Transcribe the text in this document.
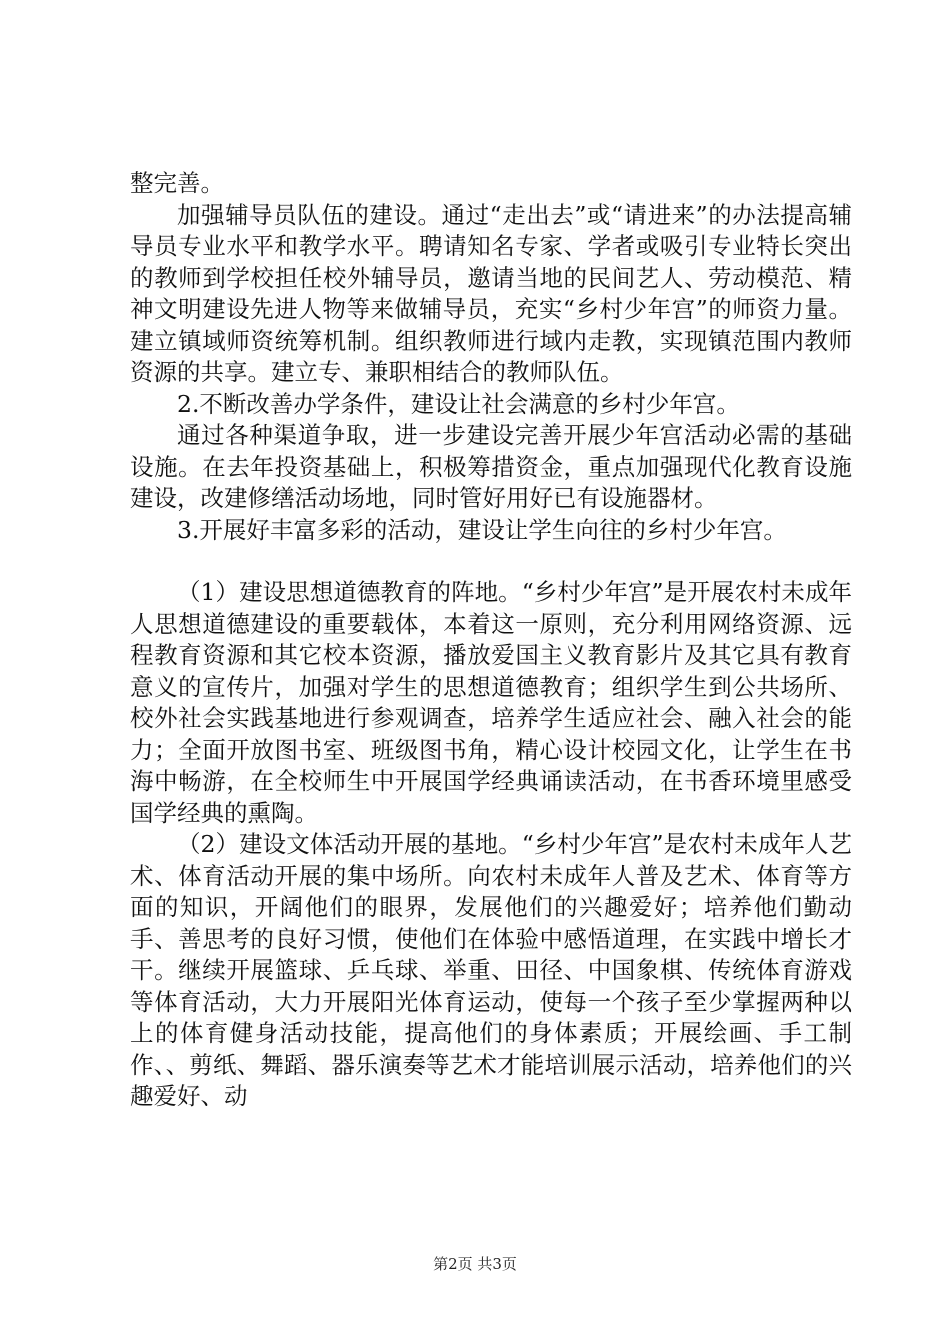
整完善。

加强辅导员队伍的建设。通过“走出去”或“请进来”的办法提高辅导员专业水平和教学水平。聘请知名专家、学者或吸引专业特长突出的教师到学校担任校外辅导员，邀请当地的民间艺人、劳动模范、精神文明建设先进人物等来做辅导员，充实“乡村少年宫”的师资力量。建立镇域师资统筹机制。组织教师进行域内走教，实现镇范围内教师资源的共享。建立专、兼职相结合的教师队伍。

2.不断改善办学条件，建设让社会满意的乡村少年宫。

通过各种渠道争取，进一步建设完善开展少年宫活动必需的基础设施。在去年投资基础上，积极筹措资金，重点加强现代化教育设施建设，改建修缮活动场地，同时管好用好已有设施器材。

3.开展好丰富多彩的活动，建设让学生向往的乡村少年宫。

（1）建设思想道德教育的阵地。“乡村少年宫”是开展农村未成年人思想道德建设的重要载体，本着这一原则，充分利用网络资源、远程教育资源和其它校本资源，播放爱国主义教育影片及其它具有教育意义的宣传片，加强对学生的思想道德教育；组织学生到公共场所、校外社会实践基地进行参观调查，培养学生适应社会、融入社会的能力；全面开放图书室、班级图书角，精心设计校园文化，让学生在书海中畅游，在全校师生中开展国学经典诵读活动，在书香环境里感受国学经典的熏陶。

（2）建设文体活动开展的基地。“乡村少年宫”是农村未成年人艺术、体育活动开展的集中场所。向农村未成年人普及艺术、体育等方面的知识，开阔他们的眼界，发展他们的兴趣爱好；培养他们勤动手、善思考的良好习惯，使他们在体验中感悟道理，在实践中增长才干。继续开展篮球、乒乓球、举重、田径、中国象棋、传统体育游戏等体育活动，大力开展阳光体育运动，使每一个孩子至少掌握两种以上的体育健身活动技能，提高他们的身体素质；开展绘画、手工制作、、剪纸、舞蹈、器乐演奏等艺术才能培训展示活动，培养他们的兴趣爱好、动

第2页 共3页
